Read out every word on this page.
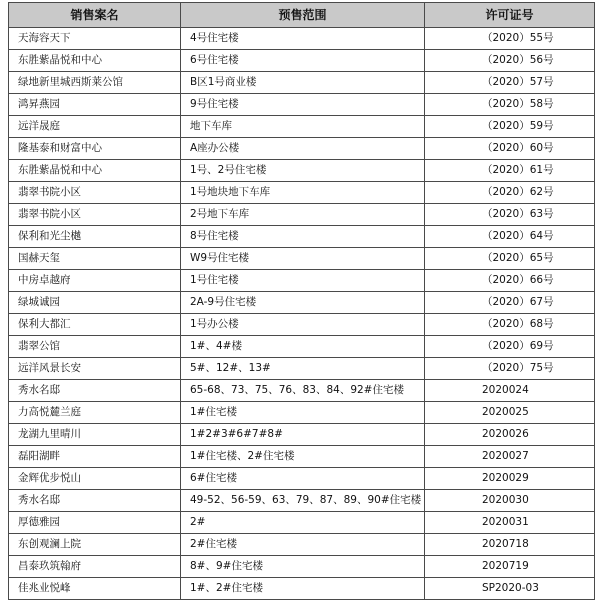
销售案名	预售范围	许可证号
天海容天下	4号住宅楼	（2020）55号
东胜紫晶悦和中心	6号住宅楼	（2020）56号
绿地新里城西斯莱公馆	B区1号商业楼	（2020）57号
鸿昇燕园	9号住宅楼	（2020）58号
远洋晟庭	地下车库	（2020）59号
隆基泰和财富中心	A座办公楼	（2020）60号
东胜紫晶悦和中心	1号、2号住宅楼	（2020）61号
翡翠书院小区	1号地块地下车库	（2020）62号
翡翠书院小区	2号地下车库	（2020）63号
保利和光尘樾	8号住宅楼	（2020）64号
国赫天玺	W9号住宅楼	（2020）65号
中房卓越府	1号住宅楼	（2020）66号
绿城诚园	2A-9号住宅楼	（2020）67号
保利大都汇	1号办公楼	（2020）68号
翡翠公馆	1#、4#楼	（2020）69号
远洋风景长安	5#、12#、13#	（2020）75号
秀水名邸	65-68、73、75、76、83、84、92#住宅楼	2020024
力高悦麓兰庭	1#住宅楼	2020025
龙湖九里晴川	1#2#3#6#7#8#	2020026
磊阳湖畔	1#住宅楼、2#住宅楼	2020027
金辉优步悦山	6#住宅楼	2020029
秀水名邸	49-52、56-59、63、79、87、89、90#住宅楼	2020030
厚德雅园	2#	2020031
东创观澜上院	2#住宅楼	2020718
昌泰玖筑翰府	8#、9#住宅楼	2020719
佳兆业悦峰	1#、2#住宅楼	SP2020-03
